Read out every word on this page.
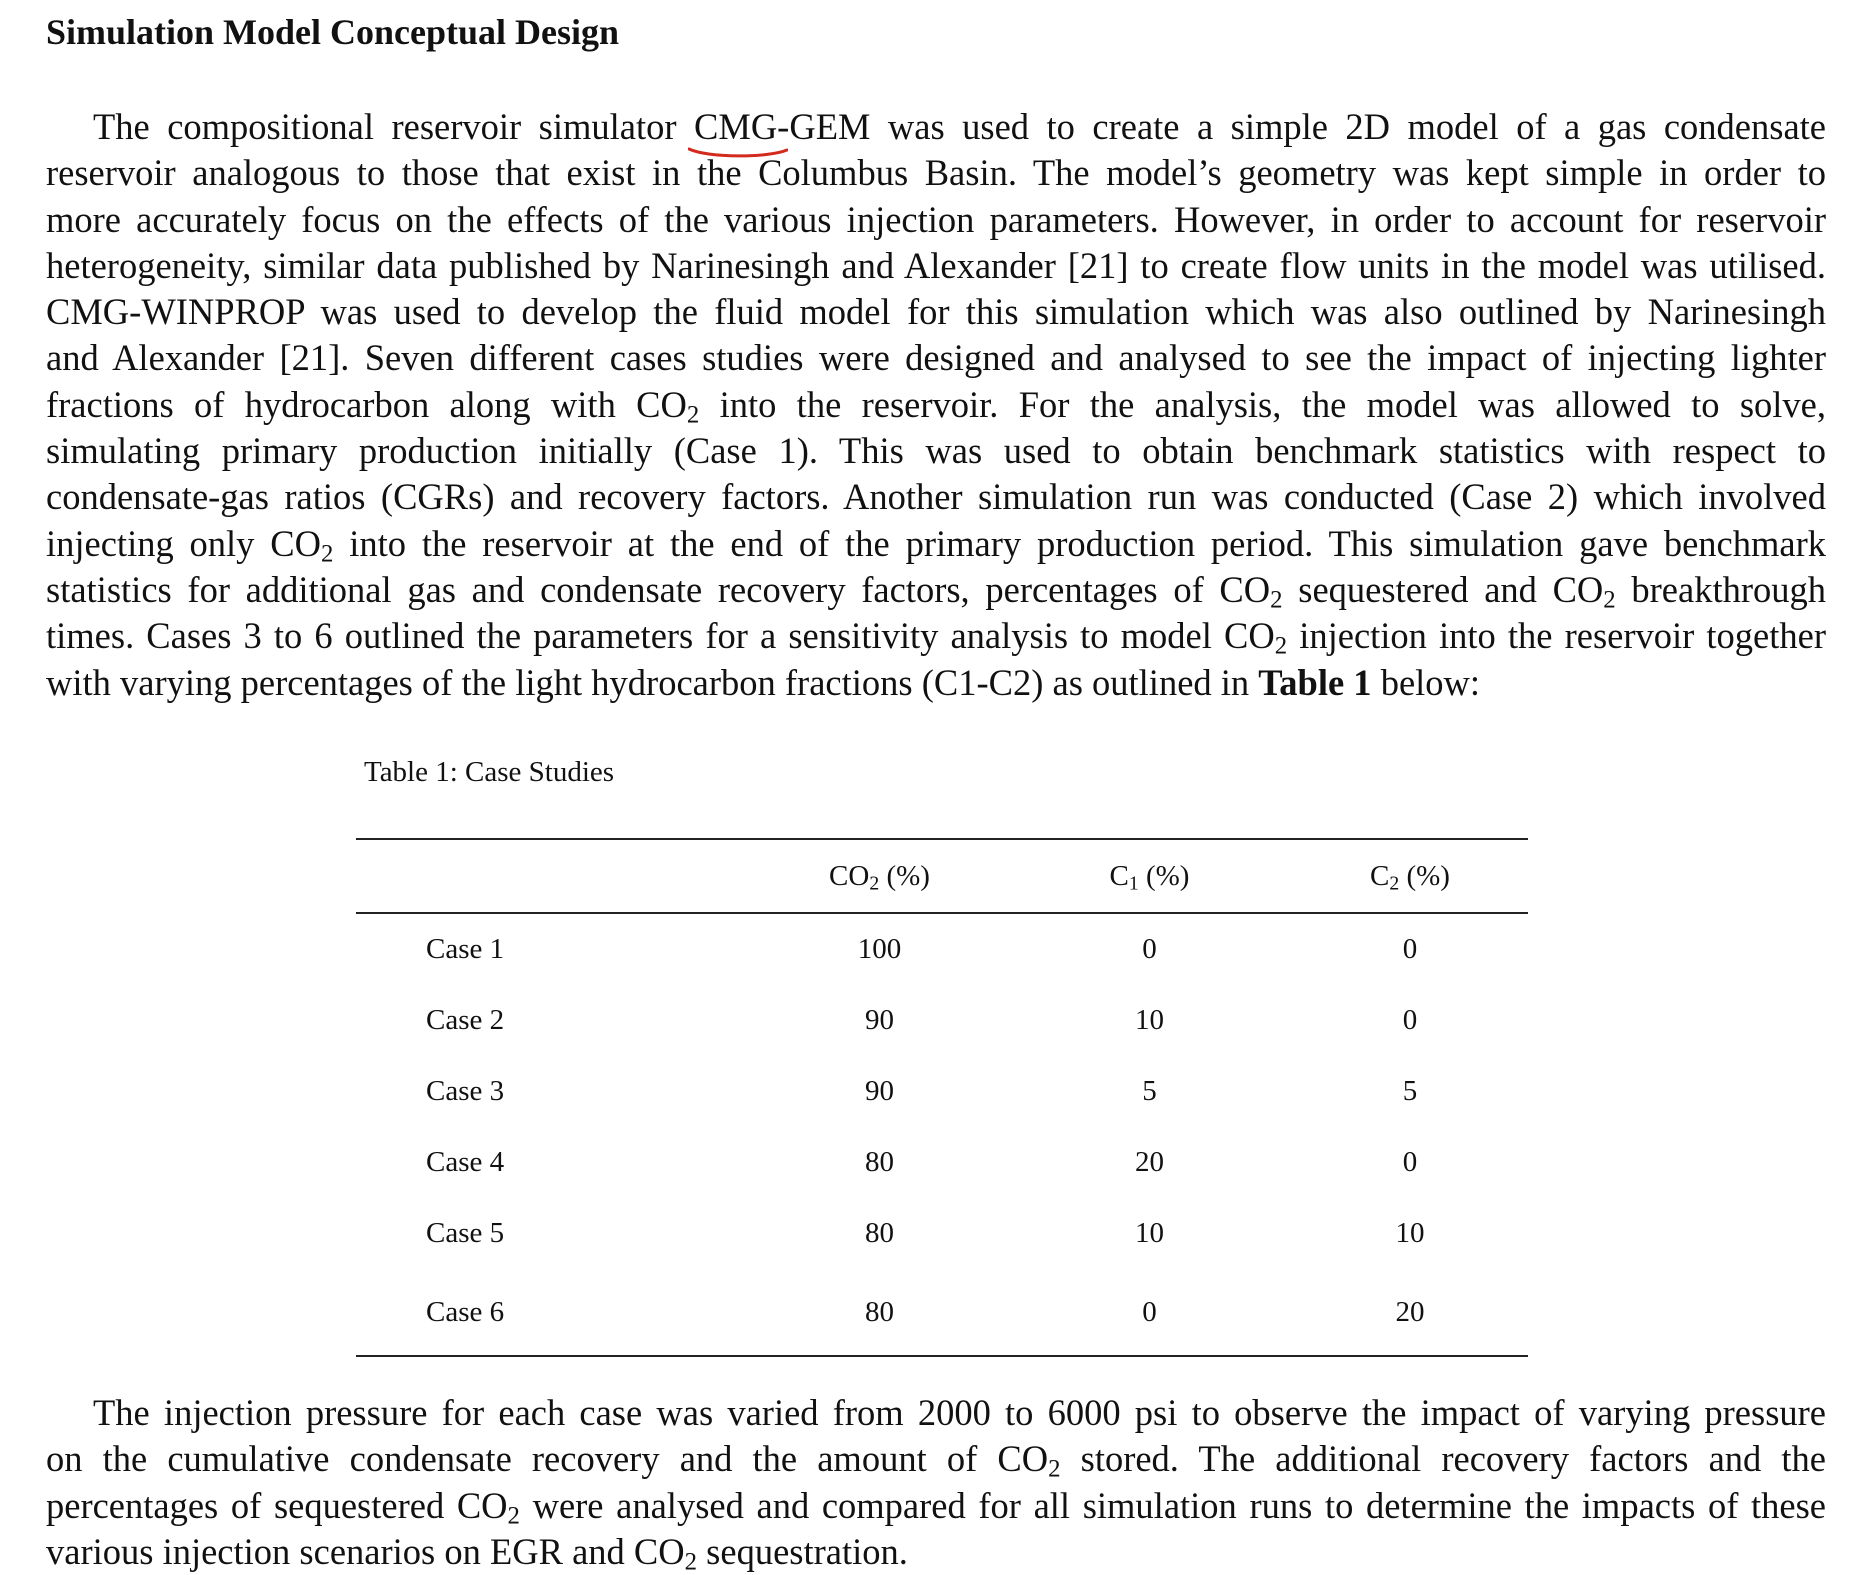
Simulation Model Conceptual Design

The compositional reservoir simulator CMG-GEM
was used to create a simple 2D model of a gas condensate
reservoir analogous to those that exist in the Columbus Basin. The model’s geometry was kept simple in order to
more accurately focus on the effects of the various injection parameters. However, in order to account for reservoir
heterogeneity, similar data published by Narinesingh and Alexander [21] to create flow units in the model was utilised.
CMG-WINPROP was used to develop the fluid model for this simulation which was also outlined by Narinesingh
and Alexander [21]. Seven different cases studies were designed and analysed to see the impact of injecting lighter
fractions of hydrocarbon along with $CO_2$ into the reservoir. For the analysis, the model was allowed to solve,
simulating primary production initially (Case 1). This was used to obtain benchmark statistics with respect to
condensate-gas ratios (CGRs) and recovery factors. Another simulation run was conducted (Case 2) which involved
injecting only $CO_2$ into the reservoir at the end of the primary production period. This simulation gave benchmark
statistics for additional gas and condensate recovery factors, percentages of $CO_2$ sequestered and $CO_2$ breakthrough
times. Cases 3 to 6 outlined the parameters for a sensitivity analysis to model $CO_2$ injection into the reservoir together
with varying percentages of the light hydrocarbon fractions (C1-C2) as outlined in Table 1 below:

Table 1: Case Studies
	$CO_2$ (%)	$C_1$ (%)	$C_2$ (%)
Case 1	100	0	0
Case 2	90	10	0
Case 3	90	5	5
Case 4	80	20	0
Case 5	80	10	10
Case 6	80	0	20

The injection pressure for each case was varied from 2000 to 6000 psi to observe the impact of varying pressure
on the cumulative condensate recovery and the amount of $CO_2$ stored. The additional recovery factors and the
percentages of sequestered $CO_2$ were analysed and compared for all simulation runs to determine the impacts of these
various injection scenarios on EGR and $CO_2$ sequestration.
